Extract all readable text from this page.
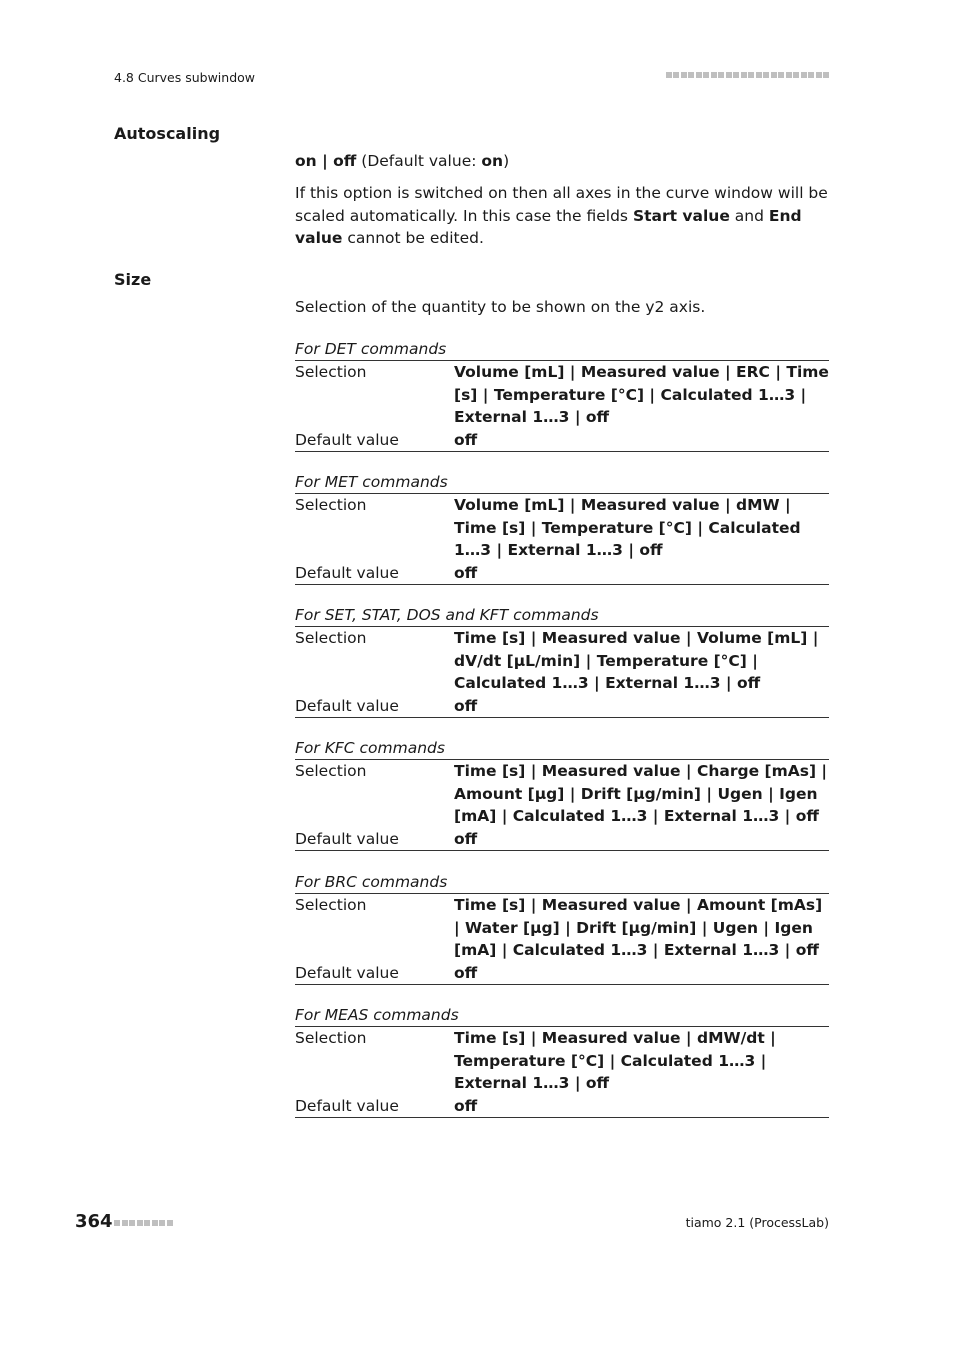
4.8 Curves subwindow
Autoscaling
on | off (Default value: on)
If this option is switched on then all axes in the curve window will be scaled automatically. In this case the fields Start value and End value cannot be edited.
Size
Selection of the quantity to be shown on the y2 axis.
For DET commands
Selection	Volume [mL] | Measured value | ERC | Time [s] | Temperature [°C] | Calculated 1…3 | External 1…3 | off
Default value	off
For MET commands
Selection	Volume [mL] | Measured value | dMW | Time [s] | Temperature [°C] | Calculated 1…3 | External 1…3 | off
Default value	off
For SET, STAT, DOS and KFT commands
Selection	Time [s] | Measured value | Volume [mL] | dV/dt [µL/min] | Temperature [°C] | Calculated 1…3 | External 1…3 | off
Default value	off
For KFC commands
Selection	Time [s] | Measured value | Charge [mAs] | Amount [µg] | Drift [µg/min] | Ugen | Igen [mA] | Calculated 1…3 | External 1…3 | off
Default value	off
For BRC commands
Selection	Time [s] | Measured value | Amount [mAs] | Water [µg] | Drift [µg/min] | Ugen | Igen [mA] | Calculated 1…3 | External 1…3 | off
Default value	off
For MEAS commands
Selection	Time [s] | Measured value | dMW/dt | Temperature [°C] | Calculated 1…3 | External 1…3 | off
Default value	off
364	tiamo 2.1 (ProcessLab)
